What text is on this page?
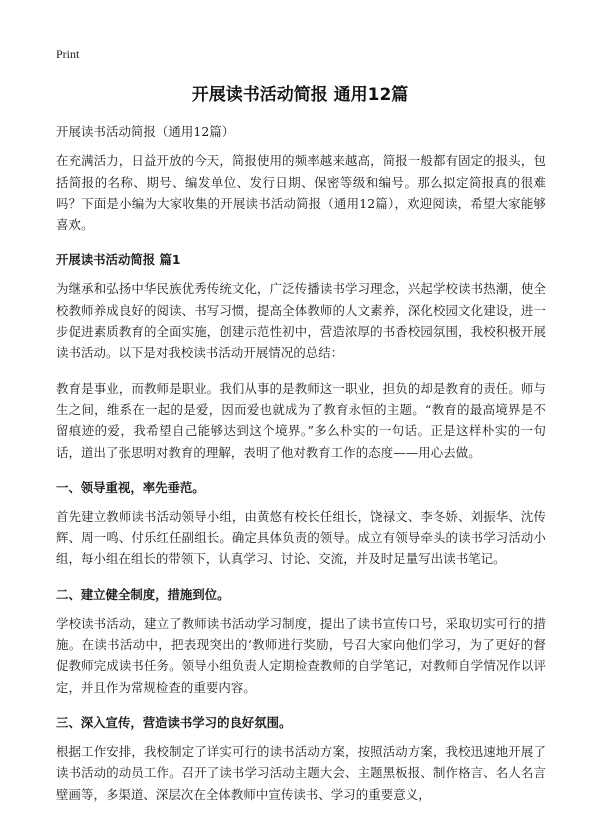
Print
开展读书活动简报 通用12篇

开展读书活动简报（通用12篇）

在充满活力，日益开放的今天，简报使用的频率越来越高，简报一般都有固定的报头，包括简报的名称、期号、编发单位、发行日期、保密等级和编号。那么拟定简报真的很难吗？下面是小编为大家收集的开展读书活动简报（通用12篇），欢迎阅读，希望大家能够喜欢。

开展读书活动简报 篇1

为继承和弘扬中华民族优秀传统文化，广泛传播读书学习理念，兴起学校读书热潮，使全校教师养成良好的阅读、书写习惯，提高全体教师的人文素养，深化校园文化建设，进一步促进素质教育的全面实施，创建示范性初中，营造浓厚的书香校园氛围，我校积极开展读书活动。以下是对我校读书活动开展情况的总结：

教育是事业，而教师是职业。我们从事的是教师这一职业，担负的却是教育的责任。师与生之间，维系在一起的是爱，因而爱也就成为了教育永恒的主题。“教育的最高境界是不留痕迹的爱，我希望自己能够达到这个境界。”多么朴实的一句话。正是这样朴实的一句话，道出了张思明对教育的理解，表明了他对教育工作的态度——用心去做。

一、领导重视，率先垂范。

首先建立教师读书活动领导小组，由黄悠有校长任组长，饶禄文、李冬娇、刘振华、沈传辉、周一鸣、付乐红任副组长。确定具体负责的领导。成立有领导牵头的读书学习活动小组，每小组在组长的带领下，认真学习、讨论、交流，并及时足量写出读书笔记。

二、建立健全制度，措施到位。

学校读书活动，建立了教师读书活动学习制度，提出了读书宣传口号，采取切实可行的措施。在读书活动中，把表现突出的‘教师进行奖励，号召大家向他们学习，为了更好的督促教师完成读书任务。领导小组负责人定期检查教师的自学笔记，对教师自学情况作以评定，并且作为常规检查的重要内容。

三、深入宣传，营造读书学习的良好氛围。

根据工作安排，我校制定了详实可行的读书活动方案，按照活动方案，我校迅速地开展了读书活动的动员工作。召开了读书学习活动主题大会、主题黑板报、制作格言、名人名言壁画等，多渠道、深层次在全体教师中宣传读书、学习的重要意义，
